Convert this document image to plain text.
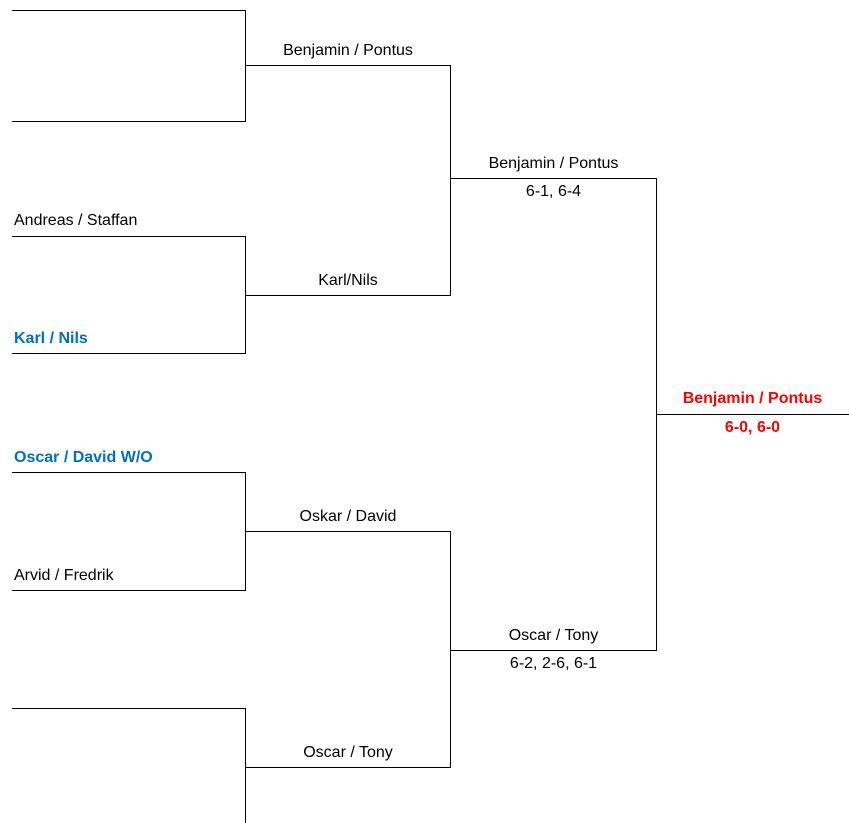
Andreas / Staffan
Karl / Nils
Oscar / David W/O
Arvid / Fredrik
Benjamin / Pontus
Karl/Nils
Oskar / David
Oscar / Tony
Benjamin / Pontus
6-1, 6-4
Oscar / Tony
6-2, 2-6, 6-1
Benjamin / Pontus
6-0, 6-0
